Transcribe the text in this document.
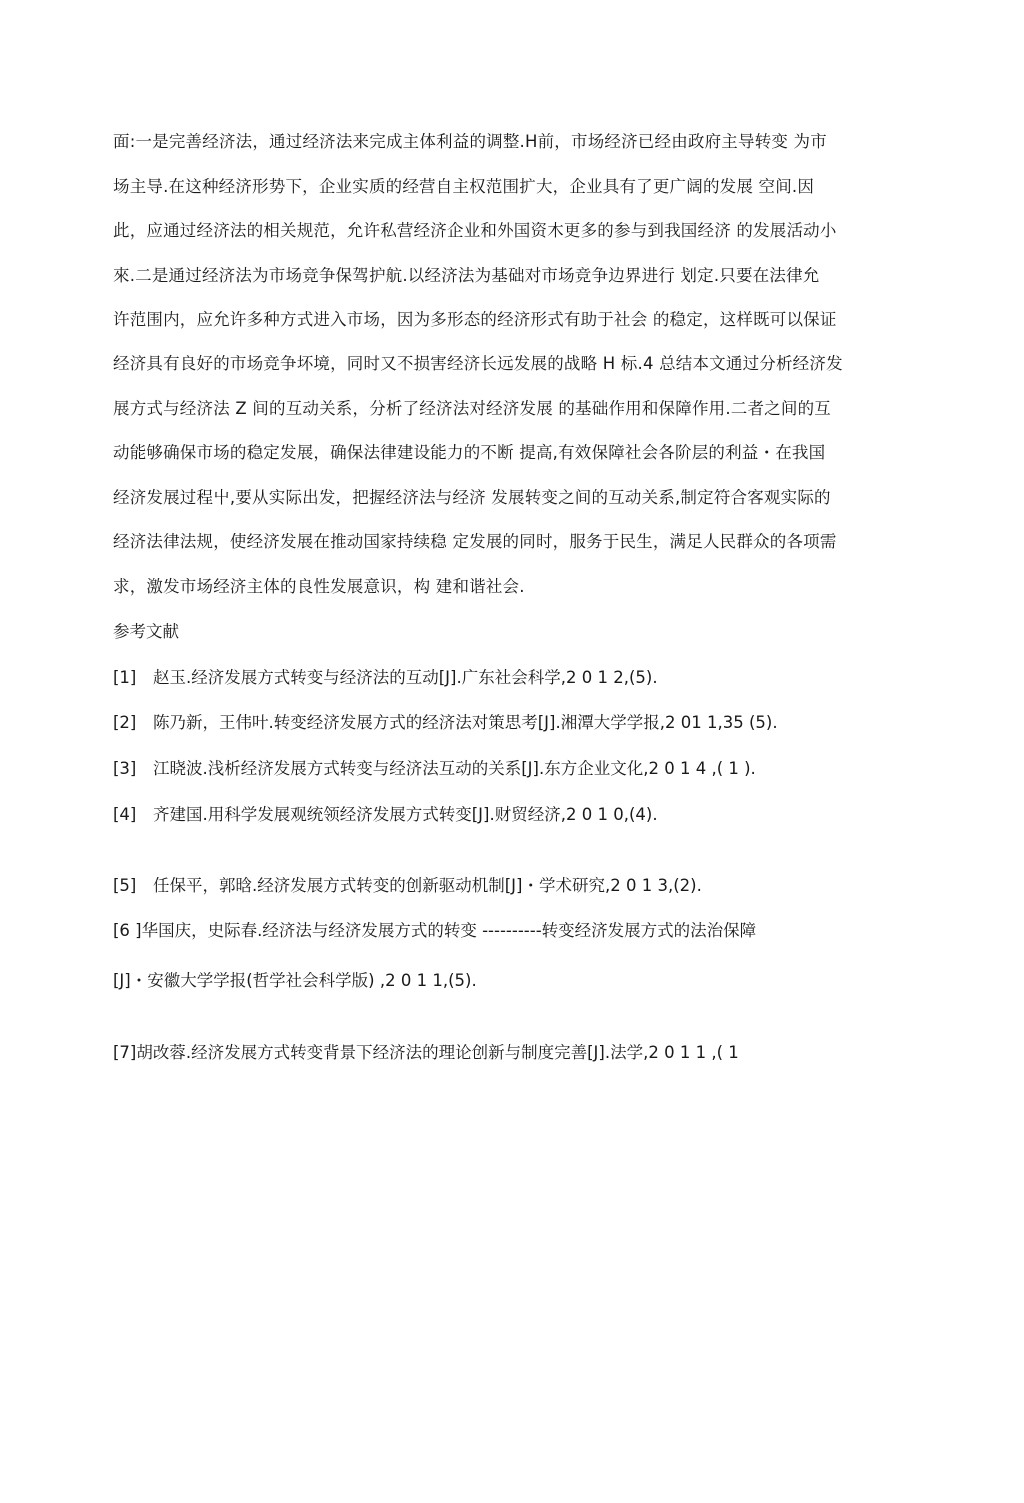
面:一是完善经济法，通过经济法来完成主体利益的调整.H前，市场经济已经由政府主导转变 为市
场主导.在这种经济形势下，企业实质的经营自主权范围扩大，企业具有了更广阔的发展 空间.因
此，应通过经济法的相关规范，允许私营经济企业和外国资木更多的参与到我国经济 的发展活动小
來.二是通过经济法为市场竞争保驾护航.以经济法为基础对市场竞争边界进行 划定.只要在法律允
许范围内，应允许多种方式进入市场，因为多形态的经济形式有助于社会 的稳定，这样既可以保证
经济具有良好的市场竞争坏境，同时又不损害经济长远发展的战略 H 标.4 总结本文通过分析经济发
展方式与经济法 Z 间的互动关系，分析了经济法对经济发展 的基础作用和保障作用.二者之间的互
动能够确保市场的稳定发展，确保法律建设能力的不断 提高,有效保障社会各阶层的利益・在我国
经济发展过程屮,要从实际出发，把握经济法与经济 发展转变之间的互动关系,制定符合客观实际的
经济法律法规，使经济发展在推动国家持续稳 定发展的同时，服务于民生，满足人民群众的各项需
求，激发市场经济主体的良性发展意识，构 建和谐社会.
参考文献
[1] 赵玉.经济发展方式转变与经济法的互动[J].广东社会科学,2 0 1 2,(5).
[2] 陈乃新，王伟叶.转变经济发展方式的经济法对策思考[J].湘潭大学学报,2 01 1,35 (5).
[3] 江晓波.浅析经济发展方式转变与经济法互动的关系[J].东方企业文化,2 0 1 4 ,( 1 ).
[4] 齐建国.用科学发展观统领经济发展方式转变[J].财贸经济,2 0 1 0,(4).
[5] 任保平，郭晗.经济发展方式转变的创新驱动机制[J]・学术研究,2 0 1 3,(2).
[6 ]华国庆，史际春.经济法与经济发展方式的转变 ----------转变经济发展方式的法治保障
[J]・安徽大学学报(哲学社会科学版) ,2 0 1 1,(5).
[7]胡改蓉.经济发展方式转变背景下经济法的理论创新与制度完善[J].法学,2 0 1 1 ,( 1
